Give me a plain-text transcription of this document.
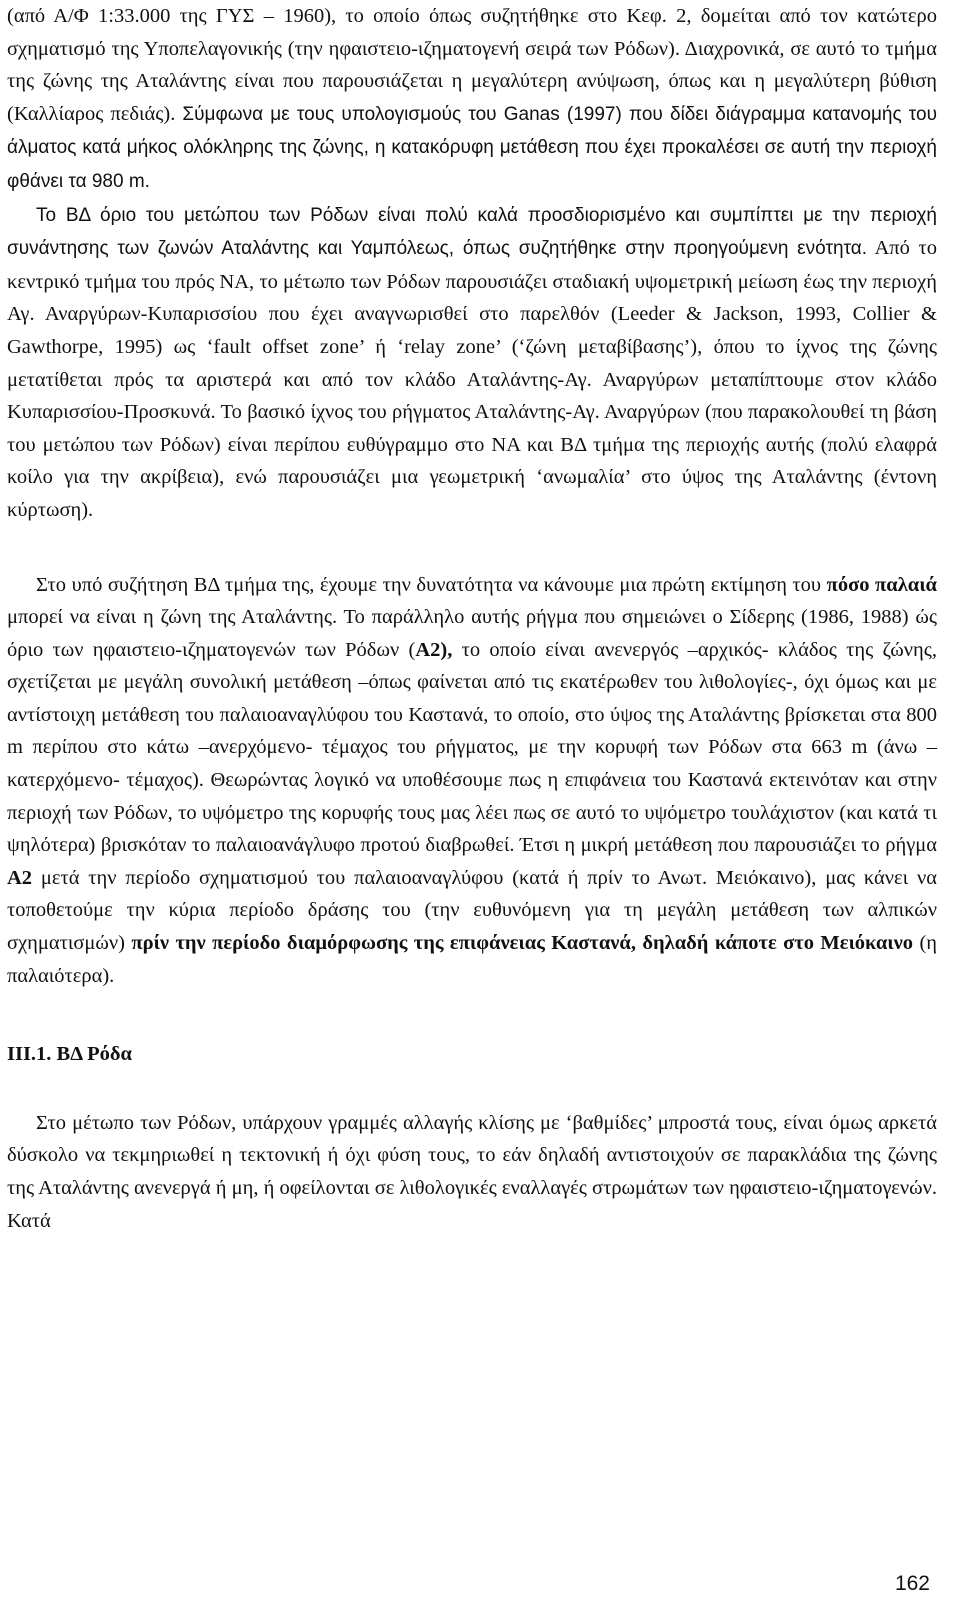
(από Α/Φ 1:33.000 της ΓΥΣ – 1960), το οποίο όπως συζητήθηκε στο Κεφ. 2, δομείται από τον κατώτερο σχηματισμό της Υποπελαγονικής (την ηφαιστειο-ιζηματογενή σειρά των Ρόδων). Διαχρονικά, σε αυτό το τμήμα της ζώνης της Αταλάντης είναι που παρουσιάζεται η μεγαλύτερη ανύψωση, όπως και η μεγαλύτερη βύθιση (Καλλίαρος πεδιάς). Σύμφωνα με τους υπολογισμούς του Ganas (1997) που δίδει διάγραμμα κατανομής του άλματος κατά μήκος ολόκληρης της ζώνης, η κατακόρυφη μετάθεση που έχει προκαλέσει σε αυτή την περιοχή φθάνει τα 980 m.

Το ΒΔ όριο του μετώπου των Ρόδων είναι πολύ καλά προσδιορισμένο και συμπίπτει με την περιοχή συνάντησης των ζωνών Αταλάντης και Υαμπόλεως, όπως συζητήθηκε στην προηγούμενη ενότητα. Από το κεντρικό τμήμα του πρός ΝΑ, το μέτωπο των Ρόδων παρουσιάζει σταδιακή υψομετρική μείωση έως την περιοχή Αγ. Αναργύρων-Κυπαρισσίου που έχει αναγνωρισθεί στο παρελθόν (Leeder & Jackson, 1993, Collier & Gawthorpe, 1995) ως ‘fault offset zone’ ή ‘relay zone’ (‘ζώνη μεταβίβασης’), όπου το ίχνος της ζώνης μετατίθεται πρός τα αριστερά και από τον κλάδο Αταλάντης-Αγ. Αναργύρων μεταπίπτουμε στον κλάδο Κυπαρισσίου-Προσκυνά. Το βασικό ίχνος του ρήγματος Αταλάντης-Αγ. Αναργύρων (που παρακολουθεί τη βάση του μετώπου των Ρόδων) είναι περίπου ευθύγραμμο στο ΝΑ και ΒΔ τμήμα της περιοχής αυτής (πολύ ελαφρά κοίλο για την ακρίβεια), ενώ παρουσιάζει μια γεωμετρική ‘ανωμαλία’ στο ύψος της Αταλάντης (έντονη κύρτωση).

Στο υπό συζήτηση ΒΔ τμήμα της, έχουμε την δυνατότητα να κάνουμε μια πρώτη εκτίμηση του πόσο παλαιά μπορεί να είναι η ζώνη της Αταλάντης. Το παράλληλο αυτής ρήγμα που σημειώνει ο Σίδερης (1986, 1988) ώς όριο των ηφαιστειο-ιζηματογενών των Ρόδων (Α2), το οποίο είναι ανενεργός –αρχικός- κλάδος της ζώνης, σχετίζεται με μεγάλη συνολική μετάθεση –όπως φαίνεται από τις εκατέρωθεν του λιθολογίες-, όχι όμως και με αντίστοιχη μετάθεση του παλαιοαναγλύφου του Καστανά, το οποίο, στο ύψος της Αταλάντης βρίσκεται στα 800 m περίπου στο κάτω –ανερχόμενο- τέμαχος του ρήγματος, με την κορυφή των Ρόδων στα 663 m (άνω –κατερχόμενο- τέμαχος). Θεωρώντας λογικό να υποθέσουμε πως η επιφάνεια του Καστανά εκτεινόταν και στην περιοχή των Ρόδων, το υψόμετρο της κορυφής τους μας λέει πως σε αυτό το υψόμετρο τουλάχιστον (και κατά τι ψηλότερα) βρισκόταν το παλαιοανάγλυφο προτού διαβρωθεί. Έτσι η μικρή μετάθεση που παρουσιάζει το ρήγμα Α2 μετά την περίοδο σχηματισμού του παλαιοαναγλύφου (κατά ή πρίν το Ανωτ. Μειόκαινο), μας κάνει να τοποθετούμε την κύρια περίοδο δράσης του (την ευθυνόμενη για τη μεγάλη μετάθεση των αλπικών σχηματισμών) πρίν την περίοδο διαμόρφωσης της επιφάνειας Καστανά, δηλαδή κάποτε στο Μειόκαινο (η παλαιότερα).

ΙΙΙ.1. ΒΔ Ρόδα

Στο μέτωπο των Ρόδων, υπάρχουν γραμμές αλλαγής κλίσης με ‘βαθμίδες’ μπροστά τους, είναι όμως αρκετά δύσκολο να τεκμηριωθεί η τεκτονική ή όχι φύση τους, το εάν δηλαδή αντιστοιχούν σε παρακλάδια της ζώνης της Αταλάντης ανενεργά ή μη, ή οφείλονται σε λιθολογικές εναλλαγές στρωμάτων των ηφαιστειο-ιζηματογενών. Κατά

162
